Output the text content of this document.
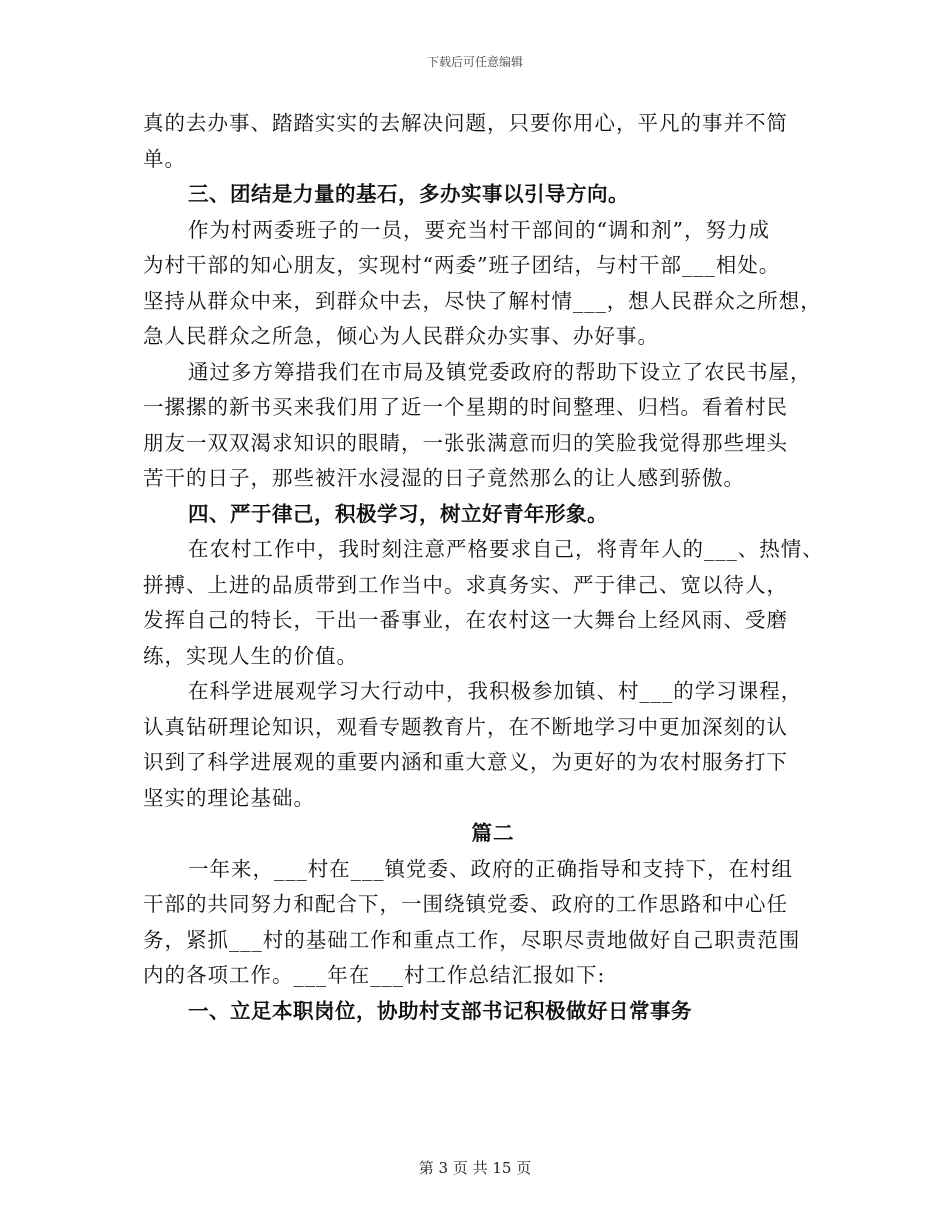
下载后可任意编辑
真的去办事、踏踏实实的去解决问题，只要你用心，平凡的事并不简
单。
三、团结是力量的基石，多办实事以引导方向。
作为村两委班子的一员，要充当村干部间的“调和剂”，努力成
为村干部的知心朋友，实现村“两委”班子团结，与村干部___相处。
坚持从群众中来，到群众中去，尽快了解村情___，想人民群众之所想，
急人民群众之所急，倾心为人民群众办实事、办好事。
通过多方筹措我们在市局及镇党委政府的帮助下设立了农民书屋，
一摞摞的新书买来我们用了近一个星期的时间整理、归档。看着村民
朋友一双双渴求知识的眼睛，一张张满意而归的笑脸我觉得那些埋头
苦干的日子，那些被汗水浸湿的日子竟然那么的让人感到骄傲。
四、严于律己，积极学习，树立好青年形象。
在农村工作中，我时刻注意严格要求自己，将青年人的___、热情、
拼搏、上进的品质带到工作当中。求真务实、严于律己、宽以待人，
发挥自己的特长，干出一番事业，在农村这一大舞台上经风雨、受磨
练，实现人生的价值。
在科学进展观学习大行动中，我积极参加镇、村___的学习课程，
认真钻研理论知识，观看专题教育片，在不断地学习中更加深刻的认
识到了科学进展观的重要内涵和重大意义，为更好的为农村服务打下
坚实的理论基础。
篇二
一年来，___村在___镇党委、政府的正确指导和支持下，在村组
干部的共同努力和配合下，一围绕镇党委、政府的工作思路和中心任
务，紧抓___村的基础工作和重点工作，尽职尽责地做好自己职责范围
内的各项工作。___年在___村工作总结汇报如下:
一、立足本职岗位，协助村支部书记积极做好日常事务
第 3 页 共 15 页
